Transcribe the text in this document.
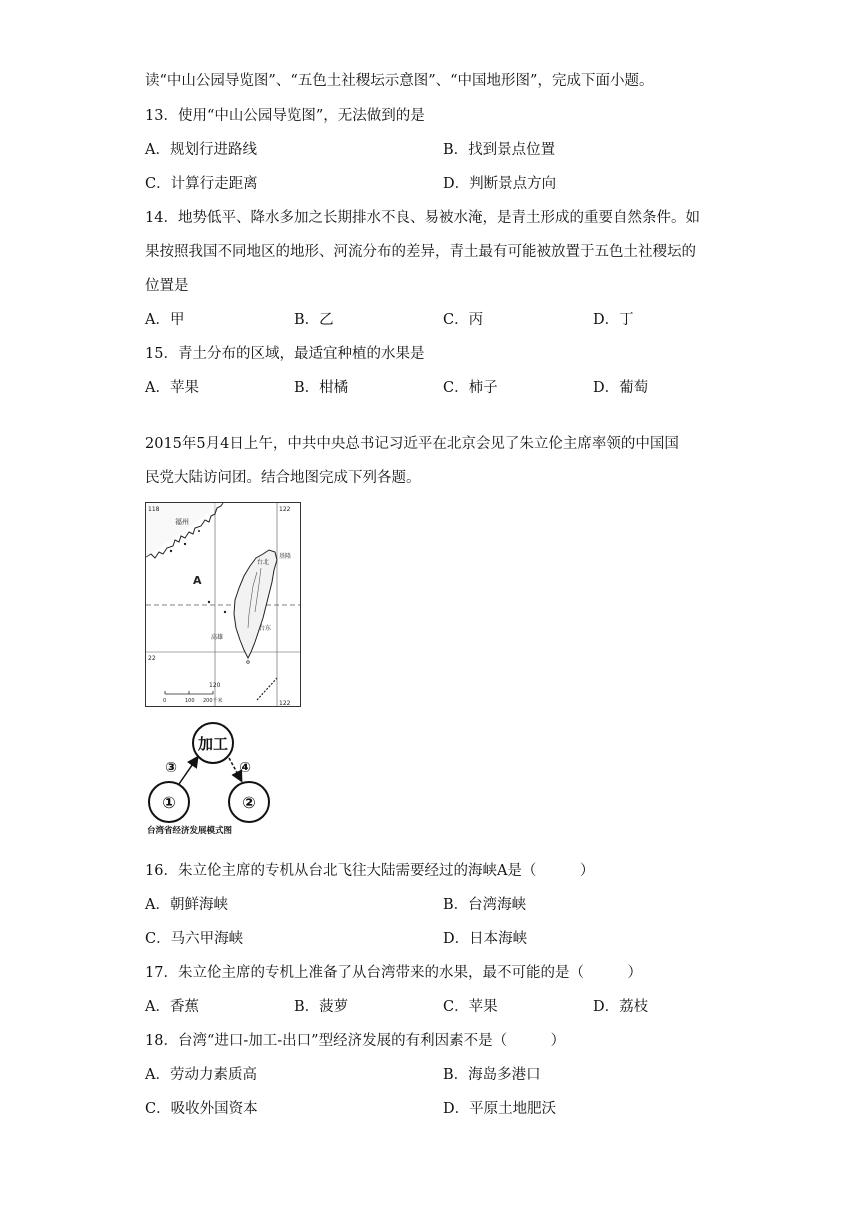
读“中山公园导览图”、“五色土社稷坛示意图”、“中国地形图”，完成下面小题。
13．使用“中山公园导览图”，无法做到的是
A．规划行进路线	B．找到景点位置
C．计算行走距离	D．判断景点方向
14．地势低平、降水多加之长期排水不良、易被水淹，是青土形成的重要自然条件。如
果按照我国不同地区的地形、河流分布的差异，青土最有可能被放置于五色土社稷坛的
位置是
A．甲	B．乙	C．丙	D．丁
15．青土分布的区域，最适宜种植的水果是
A．苹果	B．柑橘	C．柿子	D．葡萄
2015年5月4日上午，中共中央总书记习近平在北京会见了朱立伦主席率领的中国国
民党大陆访问团。结合地图完成下列各题。
118	122
120
122
22
福州
A
台北
基隆
高雄
台东
0	100 200千米
加工
①	②
③	④
台湾省经济发展模式图
16．朱立伦主席的专机从台北飞往大陆需要经过的海峡A是（　　　）
A．朝鲜海峡	B．台湾海峡
C．马六甲海峡	D．日本海峡
17．朱立伦主席的专机上准备了从台湾带来的水果，最不可能的是（　　　）
A．香蕉	B．菠萝	C．苹果	D．荔枝
18．台湾“进口-加工-出口”型经济发展的有利因素不是（　　　）
A．劳动力素质高	B．海岛多港口
C．吸收外国资本	D．平原土地肥沃
